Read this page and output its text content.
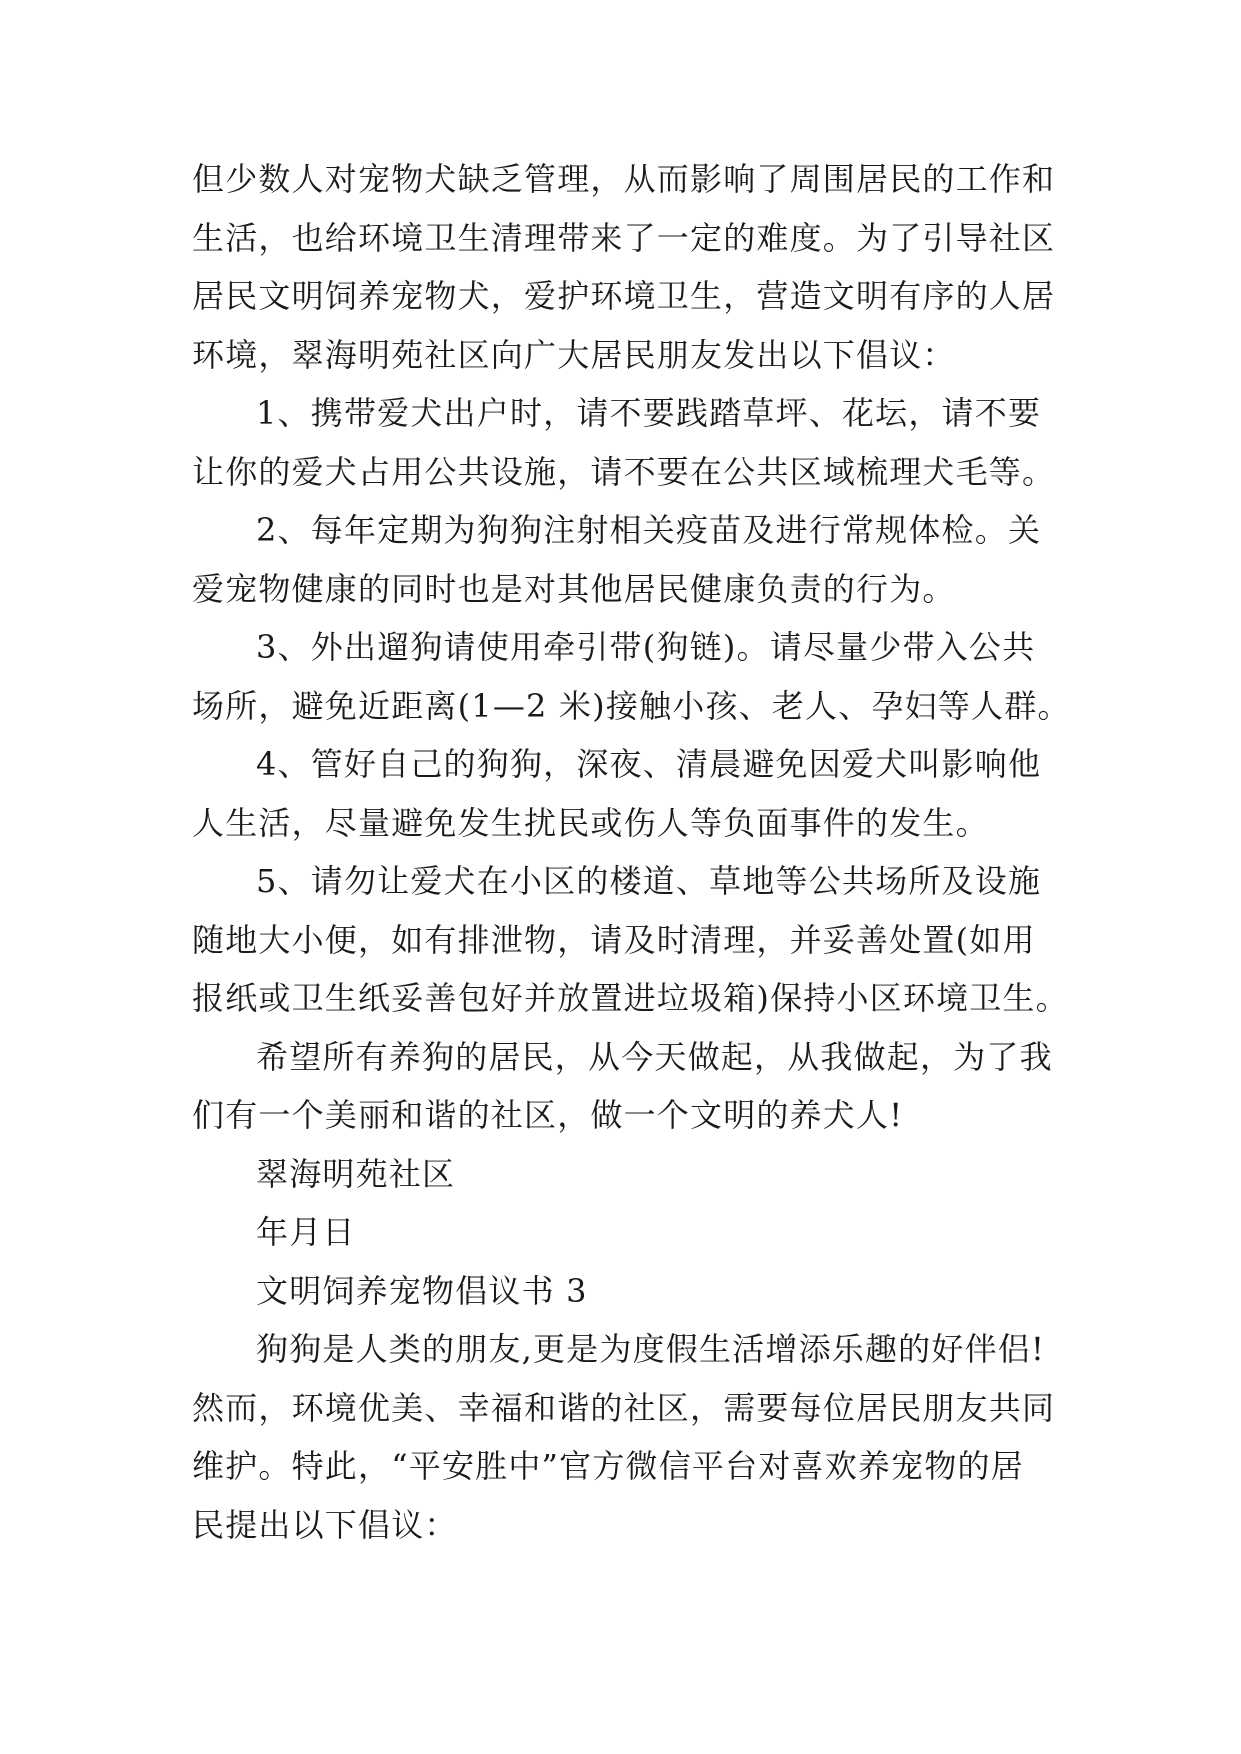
但少数人对宠物犬缺乏管理，从而影响了周围居民的工作和
生活，也给环境卫生清理带来了一定的难度。为了引导社区
居民文明饲养宠物犬，爱护环境卫生，营造文明有序的人居
环境，翠海明苑社区向广大居民朋友发出以下倡议：
1、携带爱犬出户时，请不要践踏草坪、花坛，请不要
让你的爱犬占用公共设施，请不要在公共区域梳理犬毛等。
2、每年定期为狗狗注射相关疫苗及进行常规体检。关
爱宠物健康的同时也是对其他居民健康负责的行为。
3、外出遛狗请使用牵引带(狗链)。请尽量少带入公共
场所，避免近距离(1—2 米)接触小孩、老人、孕妇等人群。
4、管好自己的狗狗，深夜、清晨避免因爱犬叫影响他
人生活，尽量避免发生扰民或伤人等负面事件的发生。
5、请勿让爱犬在小区的楼道、草地等公共场所及设施
随地大小便，如有排泄物，请及时清理，并妥善处置(如用
报纸或卫生纸妥善包好并放置进垃圾箱)保持小区环境卫生。
希望所有养狗的居民，从今天做起，从我做起，为了我
们有一个美丽和谐的社区，做一个文明的养犬人!
翠海明苑社区
年月日
文明饲养宠物倡议书 3
狗狗是人类的朋友,更是为度假生活增添乐趣的好伴侣!
然而，环境优美、幸福和谐的社区，需要每位居民朋友共同
维护。特此，“平安胜中”官方微信平台对喜欢养宠物的居
民提出以下倡议：
